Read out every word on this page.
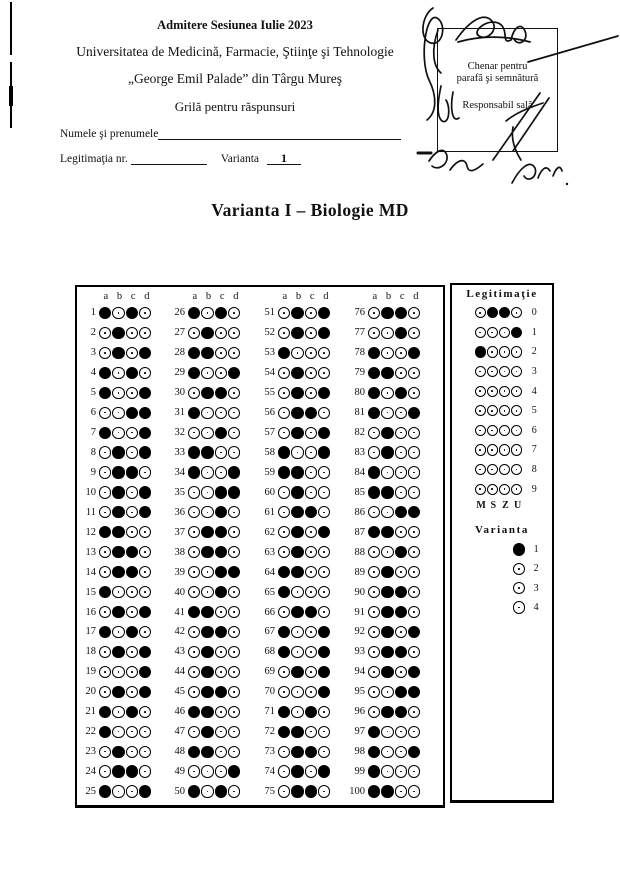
Admitere Sesiunea Iulie 2023
Universitatea de Medicină, Farmacie, Ştiinţe şi Tehnologie
„George Emil Palade” din Târgu Mureş
Grilă pentru răspunsuri
Numele şi prenumele
Legitimaţia nr.	Varianta	1
Chenar pentru
parafă şi semnătură
Responsabil sală
Varianta I – Biologie MD
a b c d
1
2
3
4
5
6
7
8
9
10
11
12
13
14
15
16
17
18
19
20
21
22
23
24
25
a b c d
26
27
28
29
30
31
32
33
34
35
36
37
38
39
40
41
42
43
44
45
46
47
48
49
50
a b c d
51
52
53
54
55
56
57
58
59
60
61
62
63
64
65
66
67
68
69
70
71
72
73
74
75
a b c d
76
77
78
79
80
81
82
83
84
85
86
87
88
89
90
91
92
93
94
95
96
97
98
99
100
Legitimaţie
0
1
2
3
4
5
6
7
8
9
M S Z U
Varianta
1
2
3
4
